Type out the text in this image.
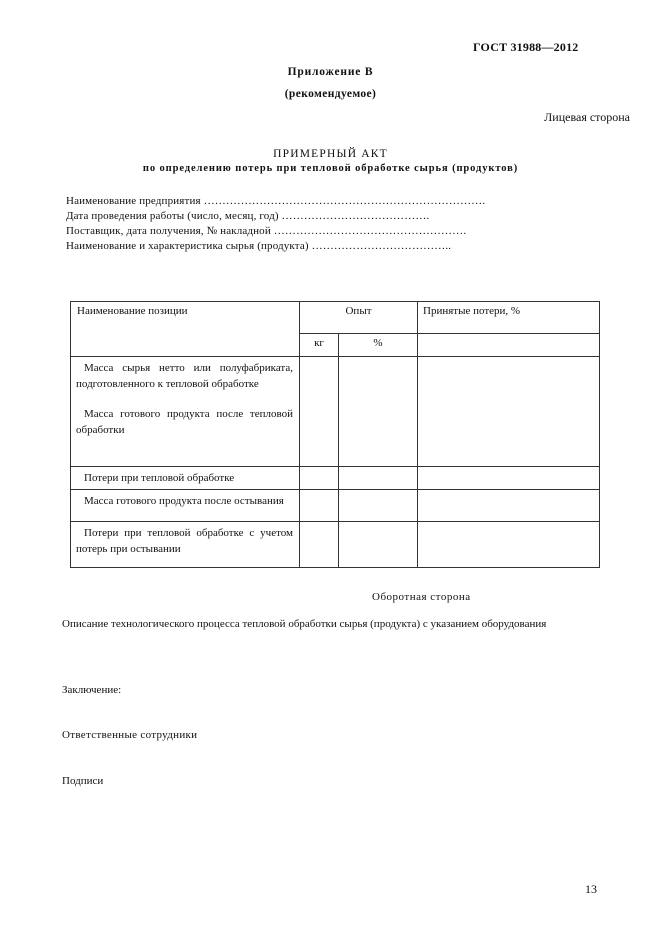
ГОСТ 31988—2012
Приложение В
(рекомендуемое)
Лицевая сторона
ПРИМЕРНЫЙ АКТ
по определению потерь при тепловой обработке сырья (продуктов)
Наименование предприятия ………………………………………………………………….
Дата проведения работы (число, месяц, год) ………………………………….
Поставщик, дата получения, № накладной …………………………………………….
Наименование и характеристика сырья (продукта) ………………………………..
Наименование позиции	Опыт		Принятые потери, %
	кг	%	

Масса сырья нетто или полуфабриката, подготовленного к тепловой обработке

Масса готового продукта после тепловой обработки			

Потери при тепловой обработке			

Масса готового продукта после остывания			

Потери при тепловой обработке с учетом потерь при остывании			

Оборотная сторона
Описание технологического процесса тепловой обработки сырья (продукта) с указанием оборудования
Заключение:
Ответственные сотрудники
Подписи
13
